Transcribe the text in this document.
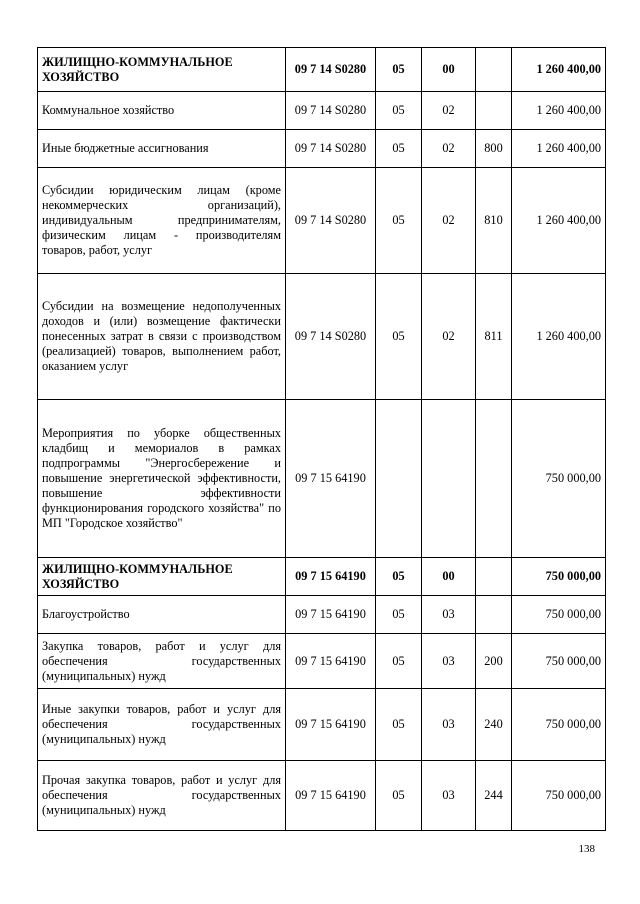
ЖИЛИЩНО-КОММУНАЛЬНОЕ ХОЗЯЙСТВО	09 7 14 S0280	05	00		1 260 400,00
Коммунальное хозяйство	09 7 14 S0280	05	02		1 260 400,00
Иные бюджетные ассигнования	09 7 14 S0280	05	02	800	1 260 400,00
Субсидии юридическим лицам (кроме некоммерческих организаций), индивидуальным предпринимателям, физическим лицам - производителям товаров, работ, услуг	09 7 14 S0280	05	02	810	1 260 400,00
Субсидии на возмещение недополученных доходов и (или) возмещение фактически понесенных затрат в связи с производством (реализацией) товаров, выполнением работ, оказанием услуг	09 7 14 S0280	05	02	811	1 260 400,00
Мероприятия по уборке общественных кладбищ и мемориалов в рамках подпрограммы "Энергосбережение и повышение энергетической эффективности, повышение эффективности функционирования городского хозяйства" по МП "Городское хозяйство"	09 7 15 64190				750 000,00
ЖИЛИЩНО-КОММУНАЛЬНОЕ ХОЗЯЙСТВО	09 7 15 64190	05	00		750 000,00
Благоустройство	09 7 15 64190	05	03		750 000,00
Закупка товаров, работ и услуг для обеспечения государственных (муниципальных) нужд	09 7 15 64190	05	03	200	750 000,00
Иные закупки товаров, работ и услуг для обеспечения государственных (муниципальных) нужд	09 7 15 64190	05	03	240	750 000,00
Прочая закупка товаров, работ и услуг для обеспечения государственных (муниципальных) нужд	09 7 15 64190	05	03	244	750 000,00
138
